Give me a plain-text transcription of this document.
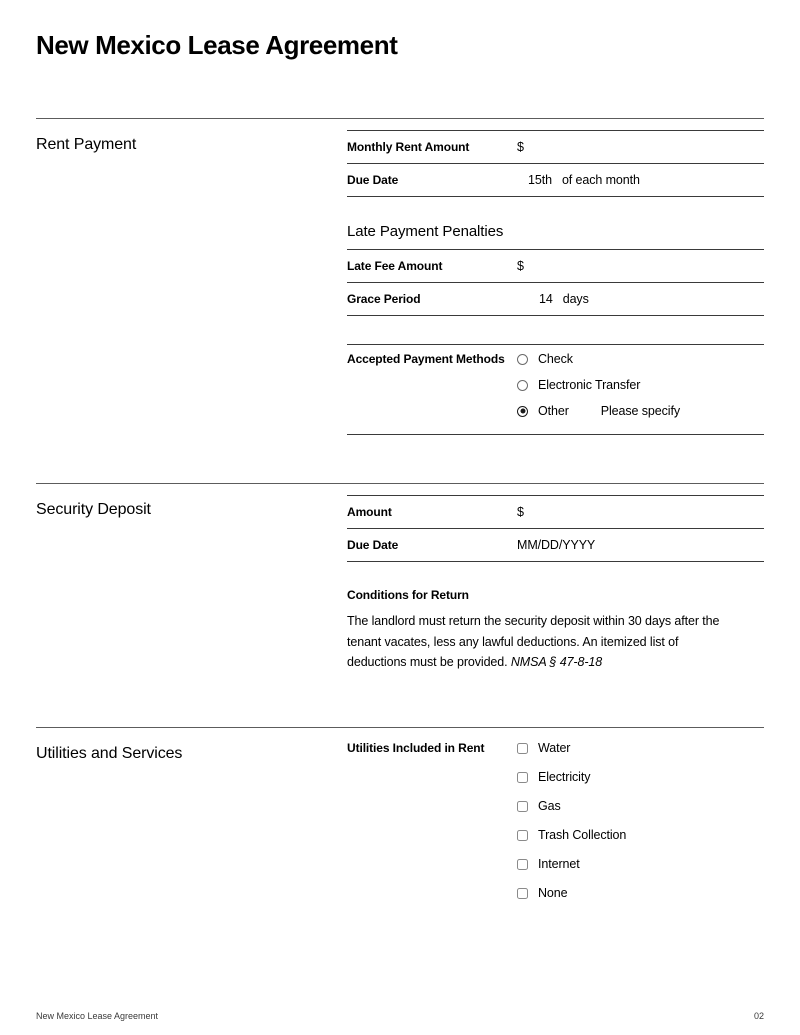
New Mexico Lease Agreement
Rent Payment	Monthly Rent Amount	$
Due Date	15th of each month
Late Payment Penalties
Late Fee Amount	$
Grace Period	14 days
Accepted Payment Methods	Check
Electronic Transfer
Other	Please specify
Security Deposit	Amount	$
Due Date	MM/DD/YYYY
Conditions for Return
The landlord must return the security deposit within 30 days after the tenant vacates, less any lawful deductions. An itemized list of deductions must be provided. NMSA § 47-8-18
Utilities and Services	Utilities Included in Rent	Water
Electricity
Gas
Trash Collection
Internet
None
New Mexico Lease Agreement	02
